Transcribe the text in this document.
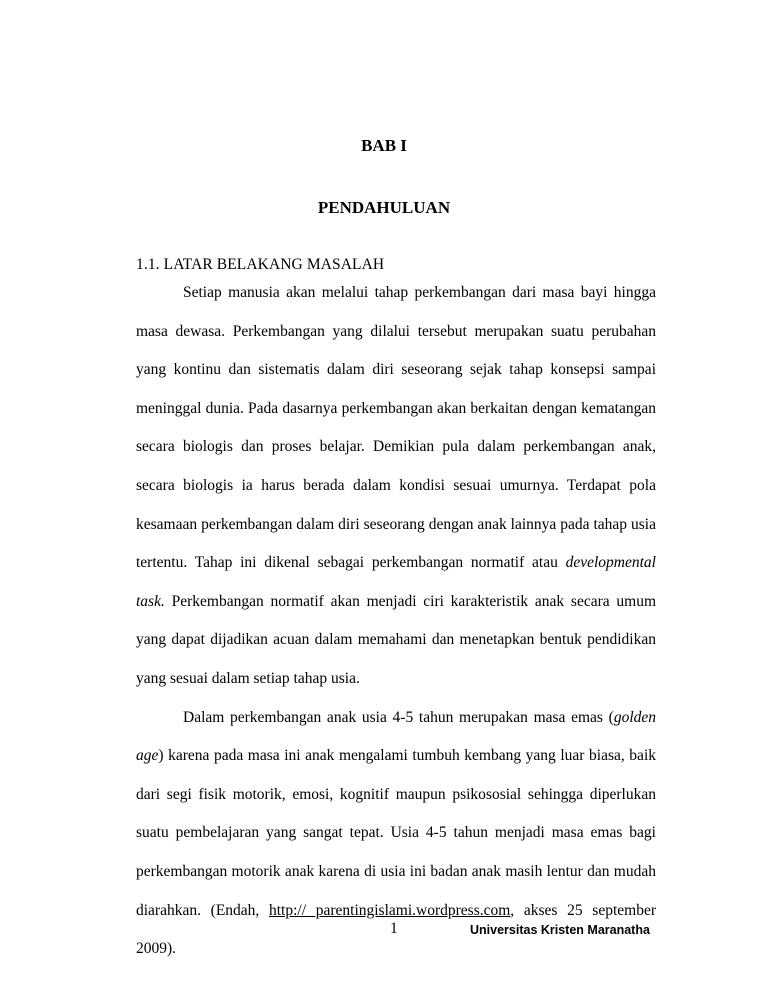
BAB I
PENDAHULUAN
1.1. LATAR BELAKANG MASALAH

Setiap manusia akan melalui tahap perkembangan dari masa bayi hingga masa dewasa. Perkembangan yang dilalui tersebut merupakan suatu perubahan yang kontinu dan sistematis dalam diri seseorang sejak tahap konsepsi sampai meninggal dunia. Pada dasarnya perkembangan akan berkaitan dengan kematangan secara biologis dan proses belajar. Demikian pula dalam perkembangan anak, secara biologis ia harus berada dalam kondisi sesuai umurnya. Terdapat pola kesamaan perkembangan dalam diri seseorang dengan anak lainnya pada tahap usia tertentu. Tahap ini dikenal sebagai perkembangan normatif atau developmental task. Perkembangan normatif akan menjadi ciri karakteristik anak secara umum yang dapat dijadikan acuan dalam memahami dan menetapkan bentuk pendidikan yang sesuai dalam setiap tahap usia.

Dalam perkembangan anak usia 4-5 tahun merupakan masa emas (golden age) karena pada masa ini anak mengalami tumbuh kembang yang luar biasa, baik dari segi fisik motorik, emosi, kognitif maupun psikososial sehingga diperlukan suatu pembelajaran yang sangat tepat. Usia 4-5 tahun menjadi masa emas bagi perkembangan motorik anak karena di usia ini badan anak masih lentur dan mudah diarahkan. (Endah, http:// parentingislami.wordpress.com, akses 25 september 2009).

1	Universitas Kristen Maranatha
